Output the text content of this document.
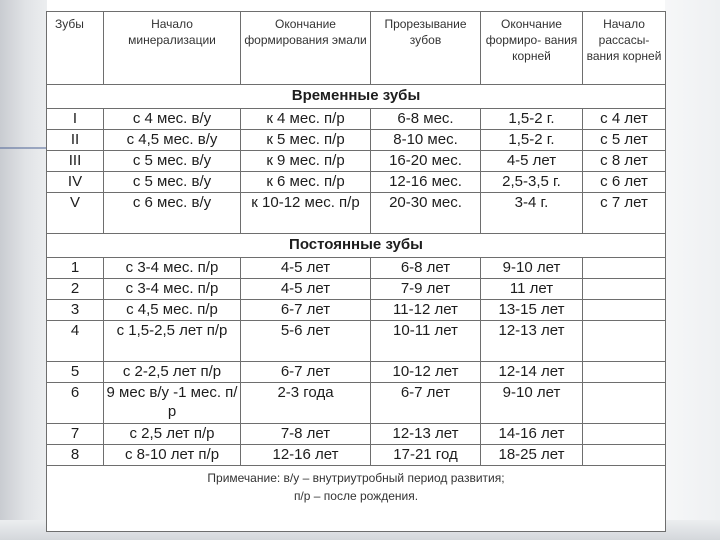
Зубы	Начало минерализации	Окончание формирования эмали	Прорезывание зубов	Окончание формиро- вания корней	Начало рассасы- вания корней
Временные зубы					
I	с 4 мес. в/у	к 4 мес. п/р	6-8 мес.	1,5-2 г.	с 4 лет
II	с 4,5 мес. в/у	к 5 мес. п/р	8-10 мес.	1,5-2 г.	с 5 лет
III	с 5 мес. в/у	к 9 мес. п/р	16-20 мес.	4-5 лет	с 8 лет
IV	с 5 мес. в/у	к 6 мес. п/р	12-16 мес.	2,5-3,5 г.	с 6 лет
V	с 6 мес. в/у	к 10-12 мес. п/р	20-30 мес.	3-4 г.	с 7 лет
Постоянные зубы					
1	с 3-4 мес. п/р	4-5 лет	6-8 лет	9-10 лет	
2	с 3-4 мес. п/р	4-5 лет	7-9 лет	11 лет	
3	с 4,5 мес. п/р	6-7 лет	11-12 лет	13-15 лет	
4	с 1,5-2,5 лет п/р	5-6 лет	10-11 лет	12-13 лет	
5	с 2-2,5 лет п/р	6-7 лет	10-12 лет	12-14 лет	
6	9 мес в/у -1 мес. п/р	2-3 года	6-7 лет	9-10 лет	
7	с 2,5 лет п/р	7-8 лет	12-13 лет	14-16 лет	
8	с 8-10 лет п/р	12-16 лет	17-21 год	18-25 лет	

Примечание: в/у – внутриутробный период развития;
п/р – после рождения.					
